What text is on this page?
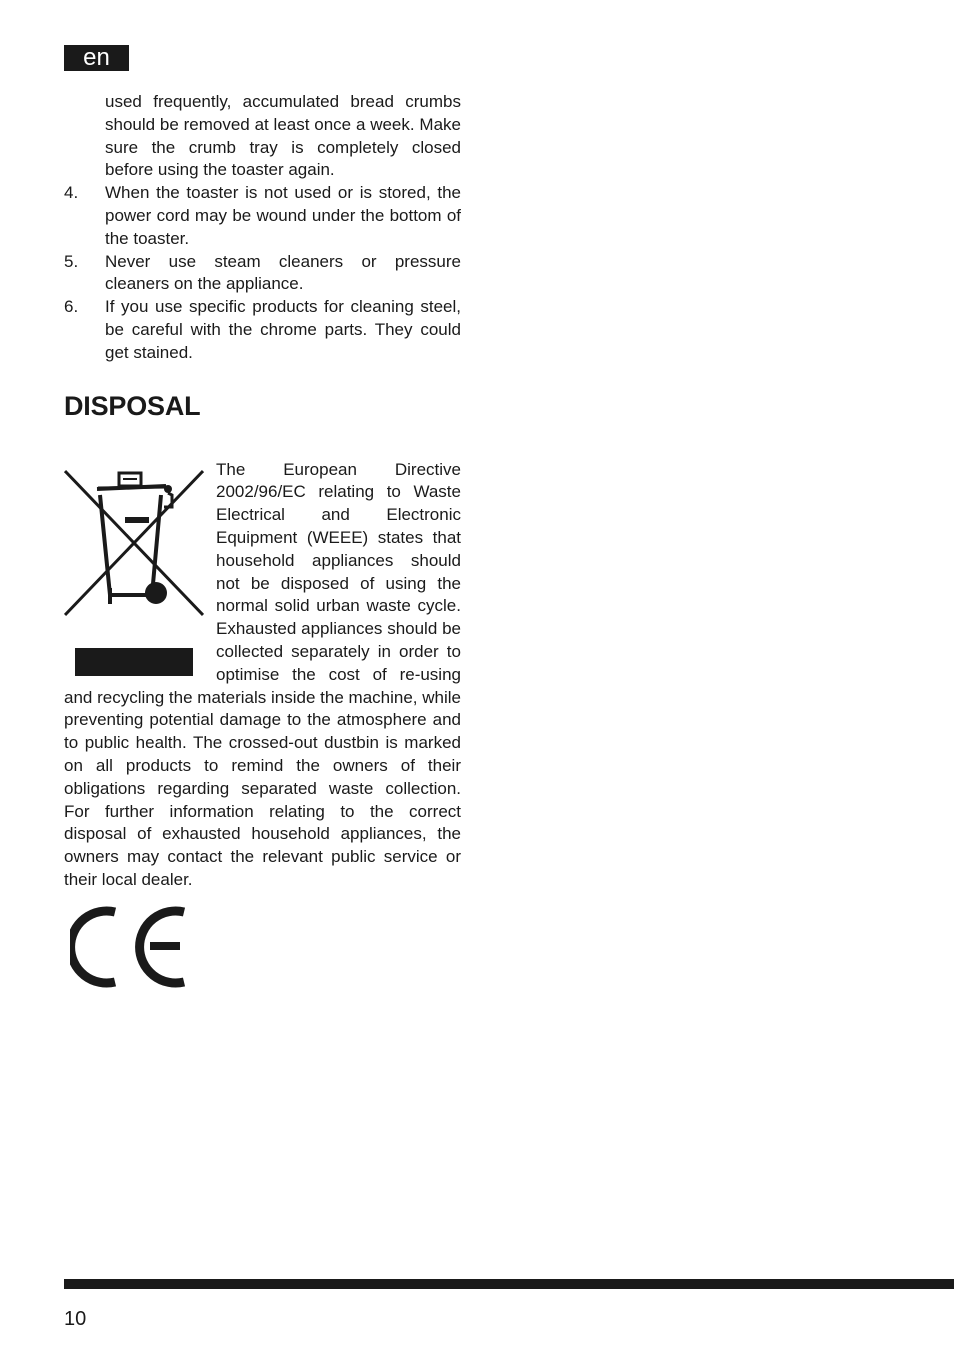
en
used frequently, accumulated bread crumbs should be removed at least once a week. Make sure the crumb tray is completely closed before using the toaster again.
4.	When the toaster is not used or is stored, the power cord may be wound under the bottom of the toaster.
5.	Never use steam cleaners or pressure cleaners on the appliance.
6.	If you use specific products for cleaning steel, be careful with the chrome parts. They could get stained.
DISPOSAL
The European Directive 2002/96/EC relating to Waste Electrical and Electronic Equipment (WEEE) states that household appliances should not be disposed of using the normal solid urban waste cycle. Exhausted appliances should be collected separately in order to optimise the cost of re-using and recycling the materials inside the machine, while preventing potential damage to the atmosphere and to public health. The crossed-out dustbin is marked on all products to remind the owners of their obligations regarding separated waste collection. For further information relating to the correct disposal of exhausted household appliances, the owners may contact the relevant public service or their local dealer.
10
